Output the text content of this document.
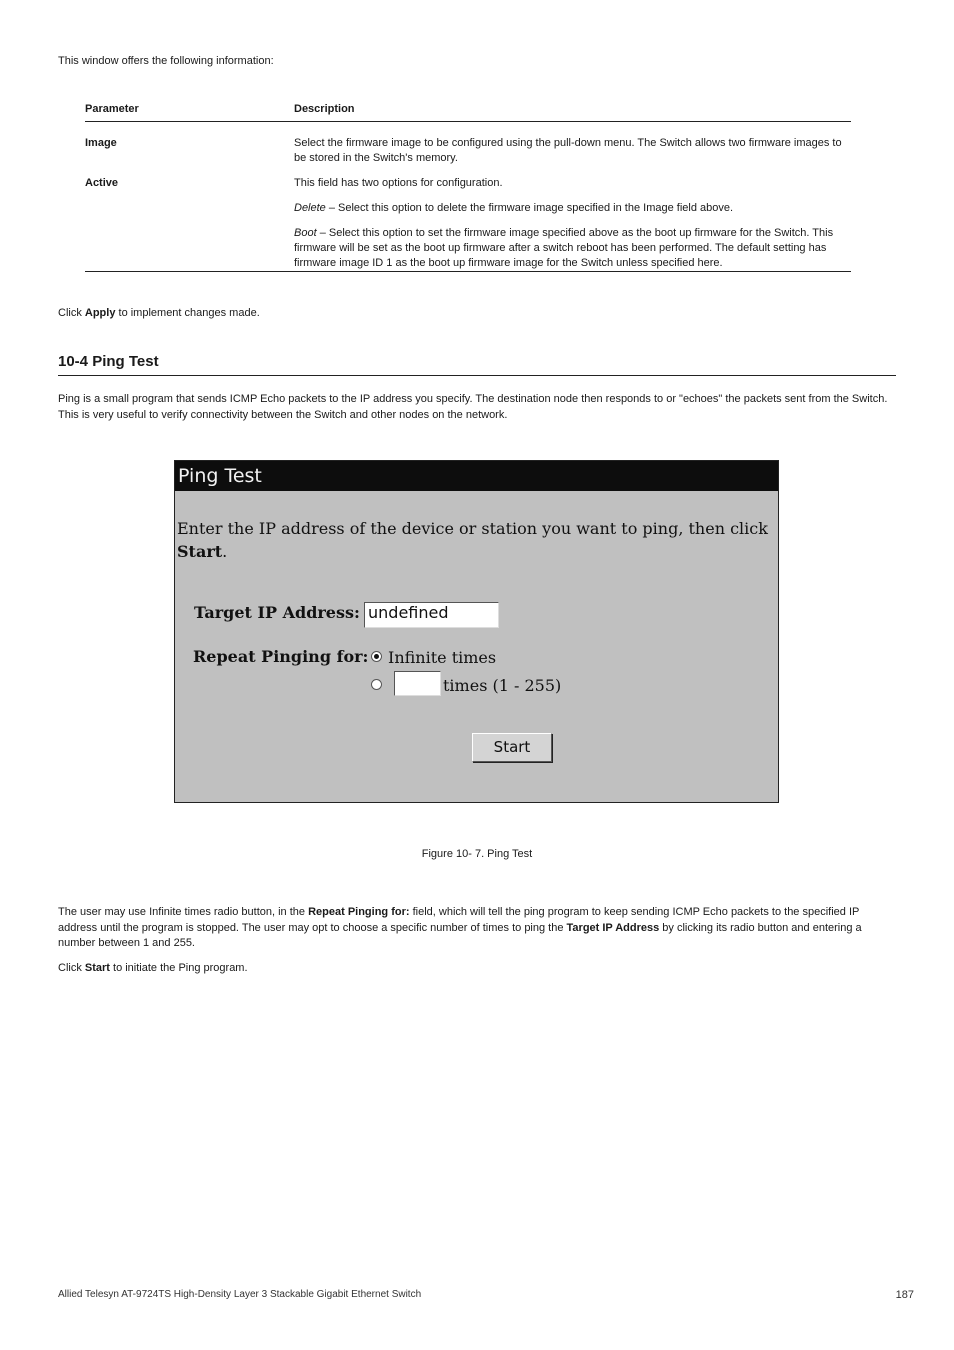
This window offers the following information:
Parameter	Description
Image	Select the firmware image to be configured using the pull-down menu. The Switch allows two firmware images to be stored in the Switch's memory.

Active	This field has two options for configuration.

Delete – Select this option to delete the firmware image specified in the Image field above.

Boot – Select this option to set the firmware image specified above as the boot up firmware for the Switch. This firmware will be set as the boot up firmware after a switch reboot has been performed. The default setting has firmware image ID 1 as the boot up firmware image for the Switch unless specified here.

Click Apply to implement changes made.
10-4 Ping Test
Ping is a small program that sends ICMP Echo packets to the IP address you specify. The destination node then responds to or "echoes" the packets sent from the Switch. This is very useful to verify connectivity between the Switch and other nodes on the network.
Ping Test
Enter the IP address of the device or station you want to ping, then click
Start.
Target IP Address: undefined
Repeat Pinging for: Infinite times
times (1 - 255)
Start
Figure 10- 7. Ping Test
The user may use Infinite times radio button, in the Repeat Pinging for: field, which will tell the ping program to keep sending ICMP Echo packets to the specified IP address until the program is stopped. The user may opt to choose a specific number of times to ping the Target IP Address by clicking its radio button and entering a number between 1 and 255.
Click Start to initiate the Ping program.
Allied Telesyn AT-9724TS High-Density Layer 3 Stackable Gigabit Ethernet Switch	187
